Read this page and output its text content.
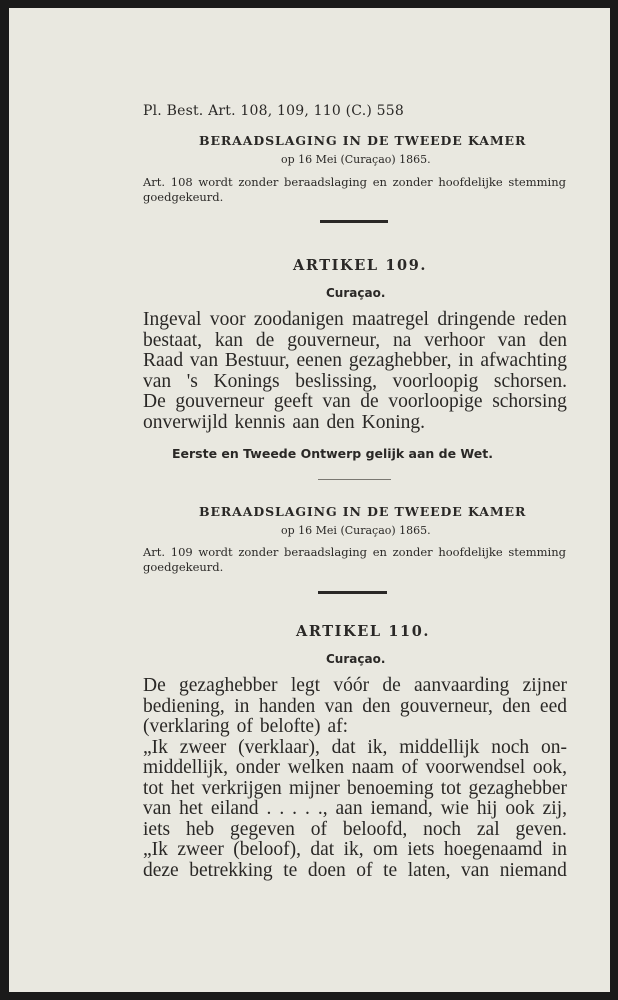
Pl. Best. Art. 108, 109, 110 (C.) 558
BERAADSLAGING IN DE TWEEDE KAMER
op 16 Mei (Curaçao) 1865.
Art. 108 wordt zonder beraadslaging en zonder hoofdelijke stemming
goedgekeurd.
ARTIKEL 109.
Curaçao.
Ingeval voor zoodanigen maatregel dringende reden
bestaat, kan de gouverneur, na verhoor van den
Raad van Bestuur, eenen gezaghebber, in afwachting
van 's Konings beslissing, voorloopig schorsen.
De gouverneur geeft van de voorloopige schorsing
onverwijld kennis aan den Koning.
Eerste en Tweede Ontwerp gelijk aan de Wet.
BERAADSLAGING IN DE TWEEDE KAMER
op 16 Mei (Curaçao) 1865.
Art. 109 wordt zonder beraadslaging en zonder hoofdelijke stemming
goedgekeurd.
ARTIKEL 110.
Curaçao.
De gezaghebber legt vóór de aanvaarding zijner
bediening, in handen van den gouverneur, den eed
(verklaring of belofte) af:
„Ik zweer (verklaar), dat ik, middellijk noch on-
middellijk, onder welken naam of voorwendsel ook,
tot het verkrijgen mijner benoeming tot gezaghebber
van het eiland . . . . ., aan iemand, wie hij ook zij,
iets heb gegeven of beloofd, noch zal geven.
„Ik zweer (beloof), dat ik, om iets hoegenaamd in
deze betrekking te doen of te laten, van niemand
